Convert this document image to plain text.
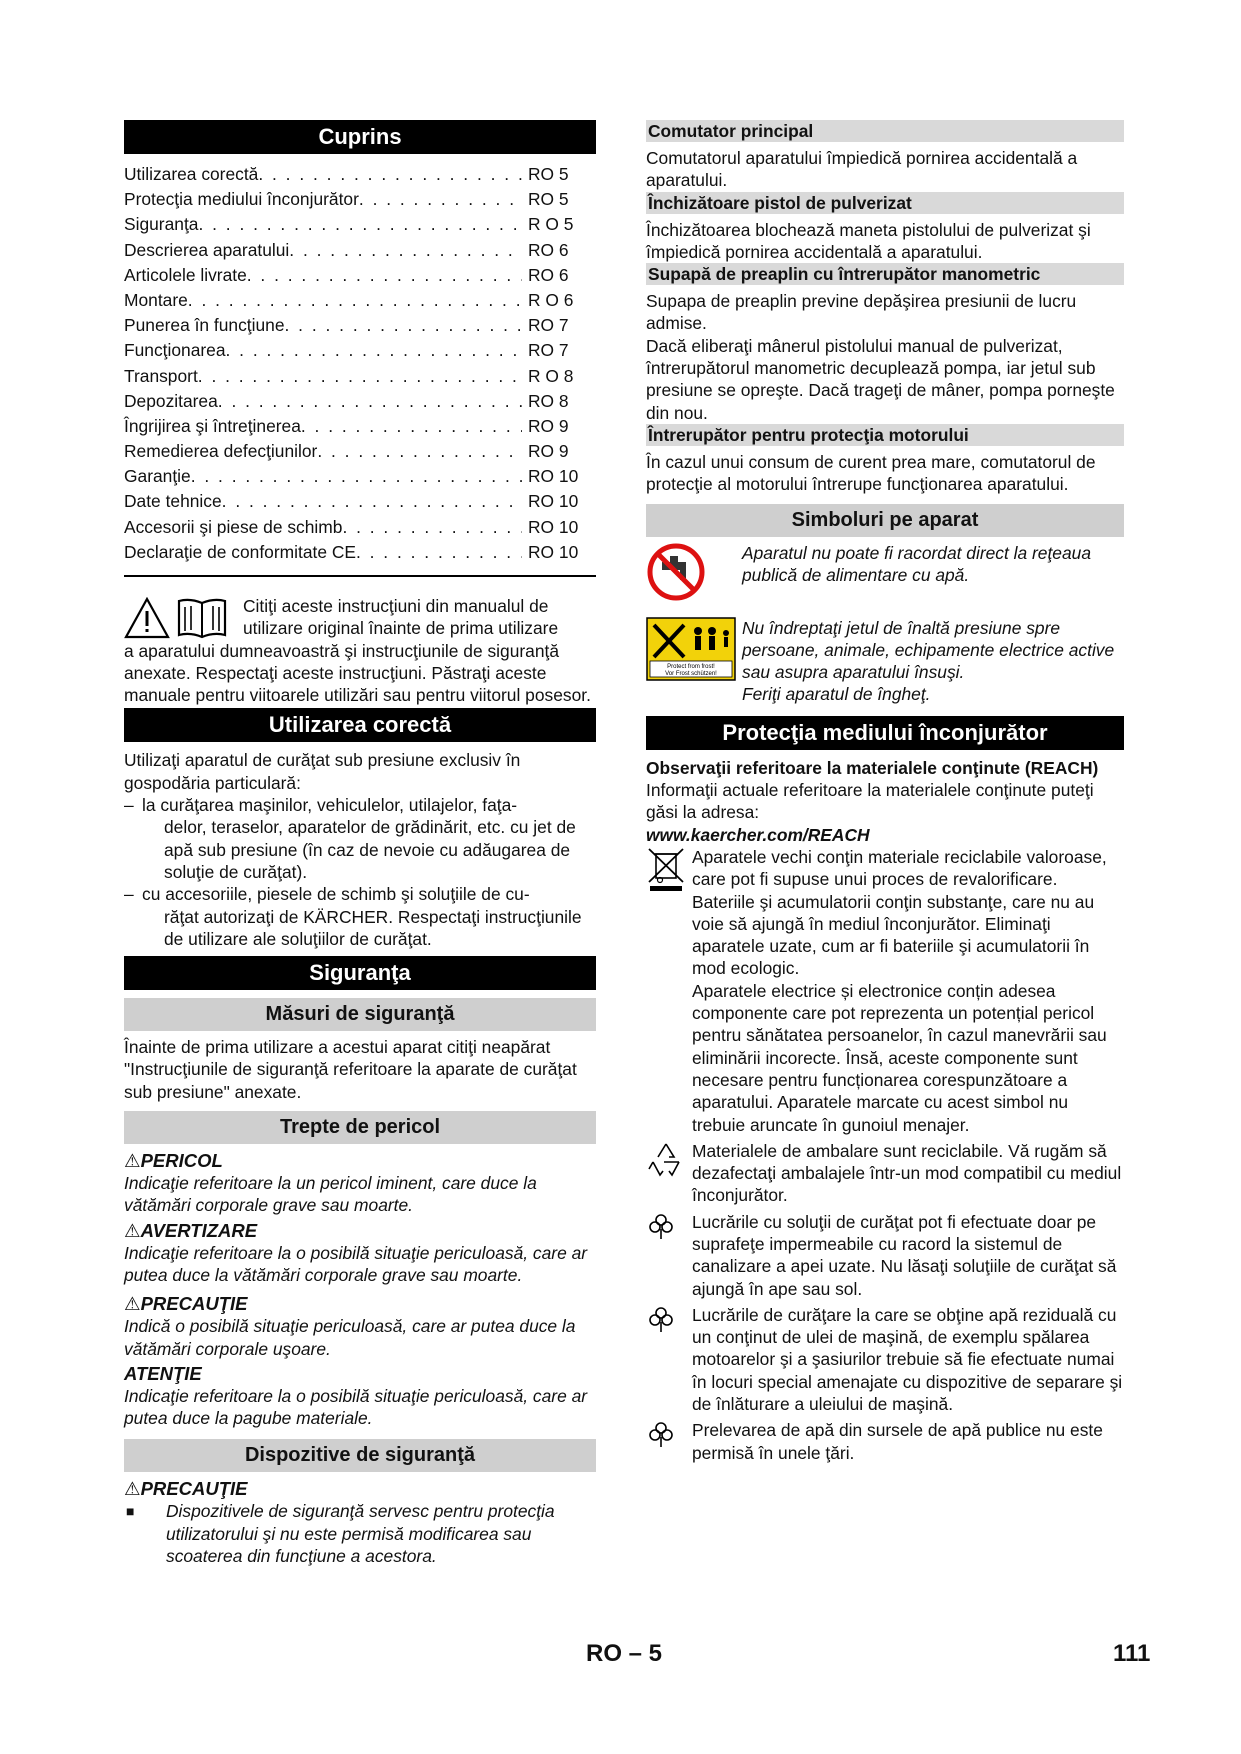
Cuprins
Utilizarea corectă . . .	RO 5
Protecţia mediului înconjurător . . .	RO 5
Siguranţa . . .	R O 5
Descrierea aparatului . . .	RO 6
Articolele livrate . . .	RO 6
Montare . . .	R O 6
Punerea în funcţiune . . .	RO 7
Funcţionarea . . .	RO 7
Transport . . .	R O 8
Depozitarea . . .	RO 8
Îngrijirea şi întreţinerea . . .	RO 9
Remedierea defecţiunilor . . .	RO 9
Garanţie . . .	RO 10
Date tehnice . . .	RO 10
Accesorii şi piese de schimb . . .	RO 10
Declaraţie de conformitate CE . . .	RO 10

Citiţi aceste instrucţiuni din manualul de

utilizare original înainte de prima utilizare

a aparatului dumneavoastră şi instrucţiunile de siguranţă anexate. Respectaţi aceste instrucţiuni. Păstraţi aceste manuale pentru viitoarele utilizări sau pentru viitorul posesor.

Utilizarea corectă

Utilizaţi aparatul de curăţat sub presiune exclusiv în gospodăria particulară:

– la curăţarea maşinilor, vehiculelor, utilajelor, faţa-

delor, teraselor, aparatelor de grădinărit, etc. cu jet de apă sub presiune (în caz de nevoie cu adăugarea de soluţie de curăţat).

– cu accesoriile, piesele de schimb şi soluţiile de cu-

răţat autorizaţi de KÄRCHER. Respectaţi instrucţiunile de utilizare ale soluţiilor de curăţat.

Siguranţa
Măsuri de siguranţă

Înainte de prima utilizare a acestui aparat citiţi neapărat "Instrucţiunile de siguranţă referitoare la aparate de curăţat sub presiune" anexate.

Trepte de pericol
⚠PERICOL

Indicaţie referitoare la un pericol iminent, care duce la vătămări corporale grave sau moarte.

⚠AVERTIZARE

Indicaţie referitoare la o posibilă situaţie periculoasă, care ar putea duce la vătămări corporale grave sau moarte.

⚠PRECAUŢIE

Indică o posibilă situaţie periculoasă, care ar putea duce la vătămări corporale uşoare.

ATENŢIE

Indicaţie referitoare la o posibilă situaţie periculoasă, care ar putea duce la pagube materiale.

Dispozitive de siguranţă
⚠PRECAUŢIE
■	Dispozitivele de siguranţă servesc pentru protecţia utilizatorului şi nu este permisă modificarea sau scoaterea din funcţiune a acestora.

Comutator principal

Comutatorul aparatului împiedică pornirea accidentală a aparatului.

Închizătoare pistol de pulverizat

Închizătoarea blochează maneta pistolului de pulverizat şi împiedică pornirea accidentală a aparatului.

Supapă de preaplin cu întrerupător manometric

Supapa de preaplin previne depăşirea presiunii de lucru admise.

Dacă eliberaţi mânerul pistolului manual de pulverizat, întrerupătorul manometric decuplează pompa, iar jetul sub presiune se opreşte. Dacă trageţi de mâner, pompa porneşte din nou.

Întrerupător pentru protecţia motorului

În cazul unui consum de curent prea mare, comutatorul de protecţie al motorului întrerupe funcţionarea aparatului.

Simboluri pe aparat

Aparatul nu poate fi racordat direct la reţeaua publică de alimentare cu apă.

Protect from frost!
Vor Frost schützen!

Nu îndreptaţi jetul de înaltă presiune spre persoane, animale, echipamente electrice active sau asupra aparatului însuşi.

Feriţi aparatul de îngheţ.

Protecţia mediului înconjurător

Observaţii referitoare la materialele conţinute (REACH)

Informaţii actuale referitoare la materialele conţinute puteţi găsi la adresa:

www.kaercher.com/REACH

Aparatele vechi conţin materiale reciclabile valoroase, care pot fi supuse unui proces de revalorificare. Bateriile şi acumulatorii conţin substanţe, care nu au voie să ajungă în mediul înconjurător. Eliminaţi aparatele uzate, cum ar fi bateriile şi acumulatorii în mod ecologic.

Aparatele electrice și electronice conțin adesea componente care pot reprezenta un potențial pericol pentru sănătatea persoanelor, în cazul manevrării sau eliminării incorecte. Însă, aceste componente sunt necesare pentru funcționarea corespunzătoare a aparatului. Aparatele marcate cu acest simbol nu trebuie aruncate în gunoiul menajer.

Materialele de ambalare sunt reciclabile. Vă rugăm să dezafectaţi ambalajele într-un mod compatibil cu mediul înconjurător.

Lucrările cu soluţii de curăţat pot fi efectuate doar pe suprafeţe impermeabile cu racord la sistemul de canalizare a apei uzate. Nu lăsaţi soluţiile de curăţat să ajungă în ape sau sol.

Lucrările de curăţare la care se obţine apă reziduală cu un conţinut de ulei de maşină, de exemplu spălarea motoarelor şi a şasiurilor trebuie să fie efectuate numai în locuri special amenajate cu dispozitive de separare şi de înlăturare a uleiului de maşină.

Prelevarea de apă din sursele de apă publice nu este permisă în unele ţări.

RO – 5	111
